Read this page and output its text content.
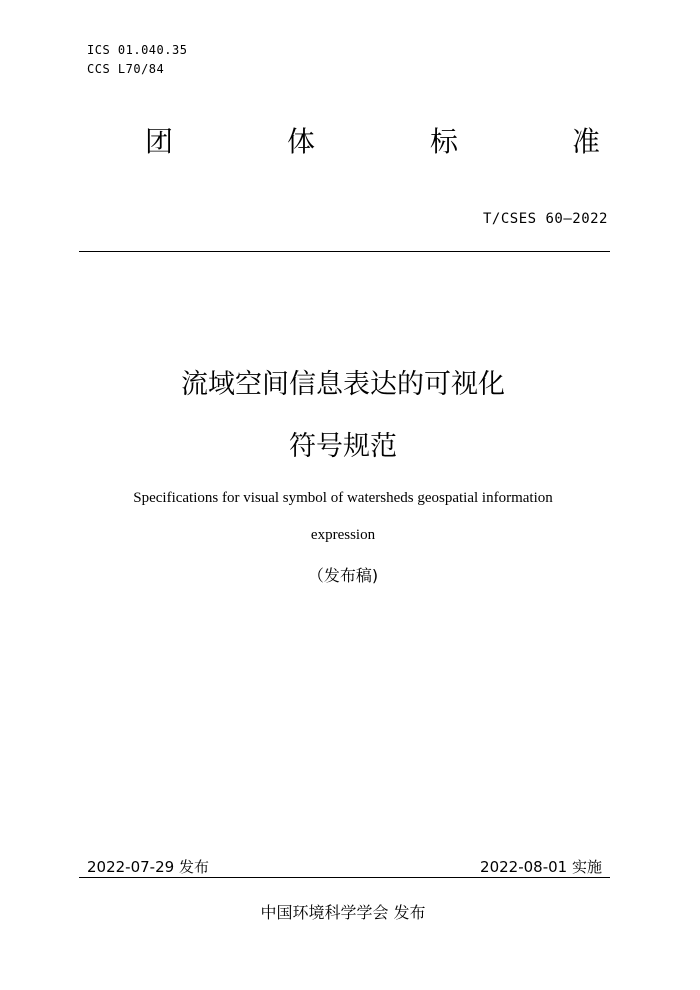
ICS 01.040.35
CCS L70/84
团	体	标	准
T/CSES 60—2022
流域空间信息表达的可视化
符号规范
Specifications for visual symbol of watersheds geospatial information
expression
（发布稿)
2022-07-29 发布	2022-08-01 实施
中国环境科学学会 发布
